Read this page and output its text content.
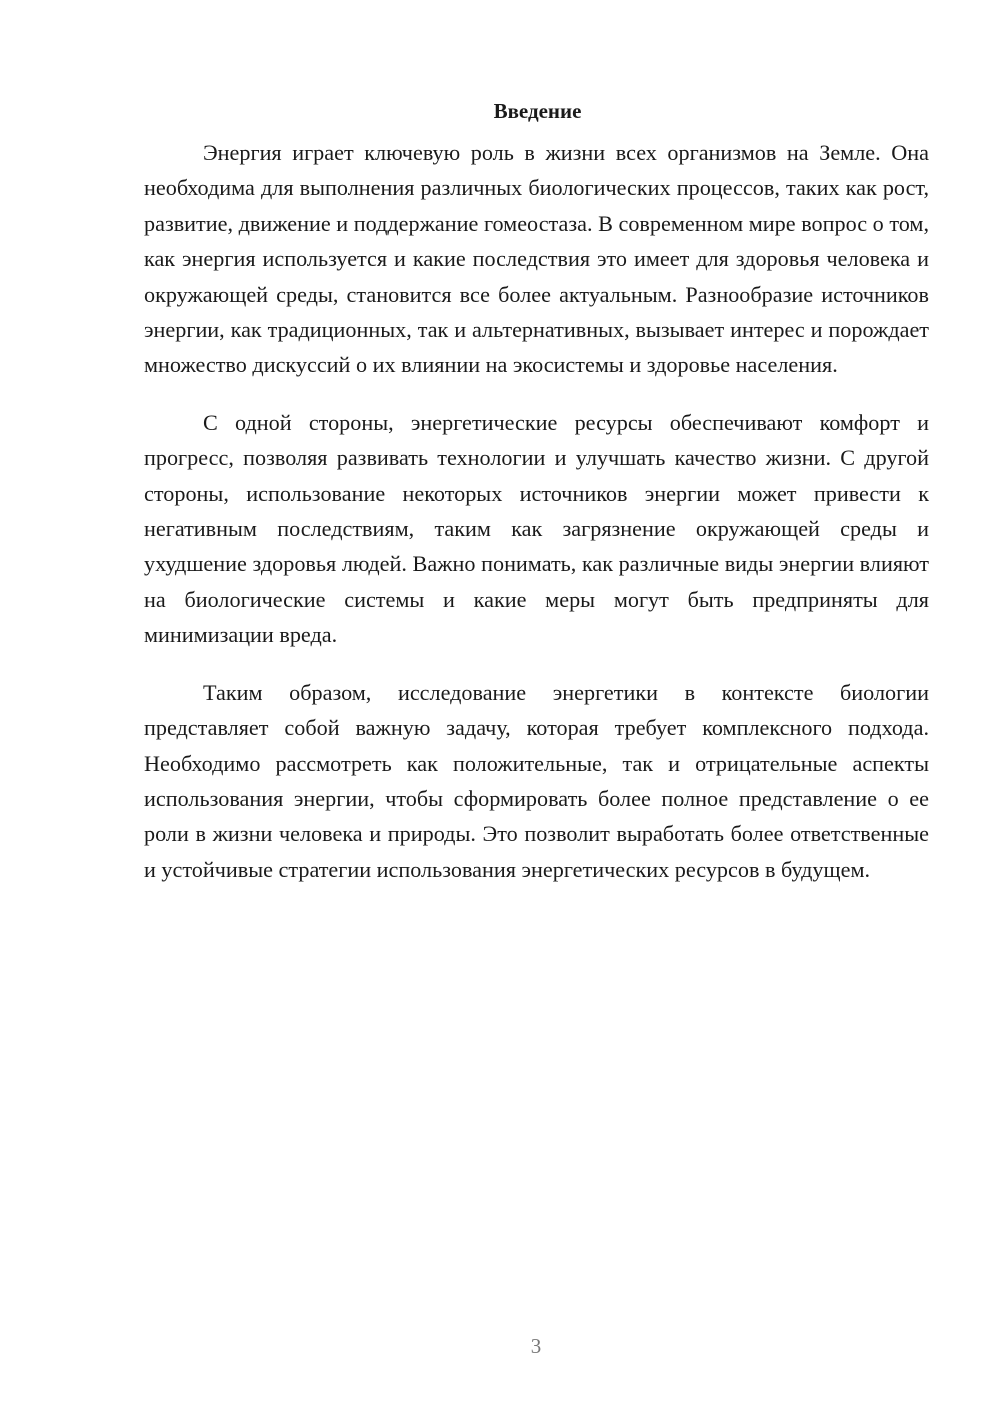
Введение

Энергия играет ключевую роль в жизни всех организмов на Земле. Она необходима для выполнения различных биологических процессов, таких как рост, развитие, движение и поддержание гомеостаза. В современном мире вопрос о том, как энергия используется и какие последствия это имеет для здоровья человека и окружающей среды, становится все более актуальным. Разнообразие источников энергии, как традиционных, так и альтернативных, вызывает интерес и порождает множество дискуссий о их влиянии на экосистемы и здоровье населения.

С одной стороны, энергетические ресурсы обеспечивают комфорт и прогресс, позволяя развивать технологии и улучшать качество жизни. С другой стороны, использование некоторых источников энергии может привести к негативным последствиям, таким как загрязнение окружающей среды и ухудшение здоровья людей. Важно понимать, как различные виды энергии влияют на биологические системы и какие меры могут быть предприняты для минимизации вреда.

Таким образом, исследование энергетики в контексте биологии представляет собой важную задачу, которая требует комплексного подхода. Необходимо рассмотреть как положительные, так и отрицательные аспекты использования энергии, чтобы сформировать более полное представление о ее роли в жизни человека и природы. Это позволит выработать более ответственные и устойчивые стратегии использования энергетических ресурсов в будущем.

3
